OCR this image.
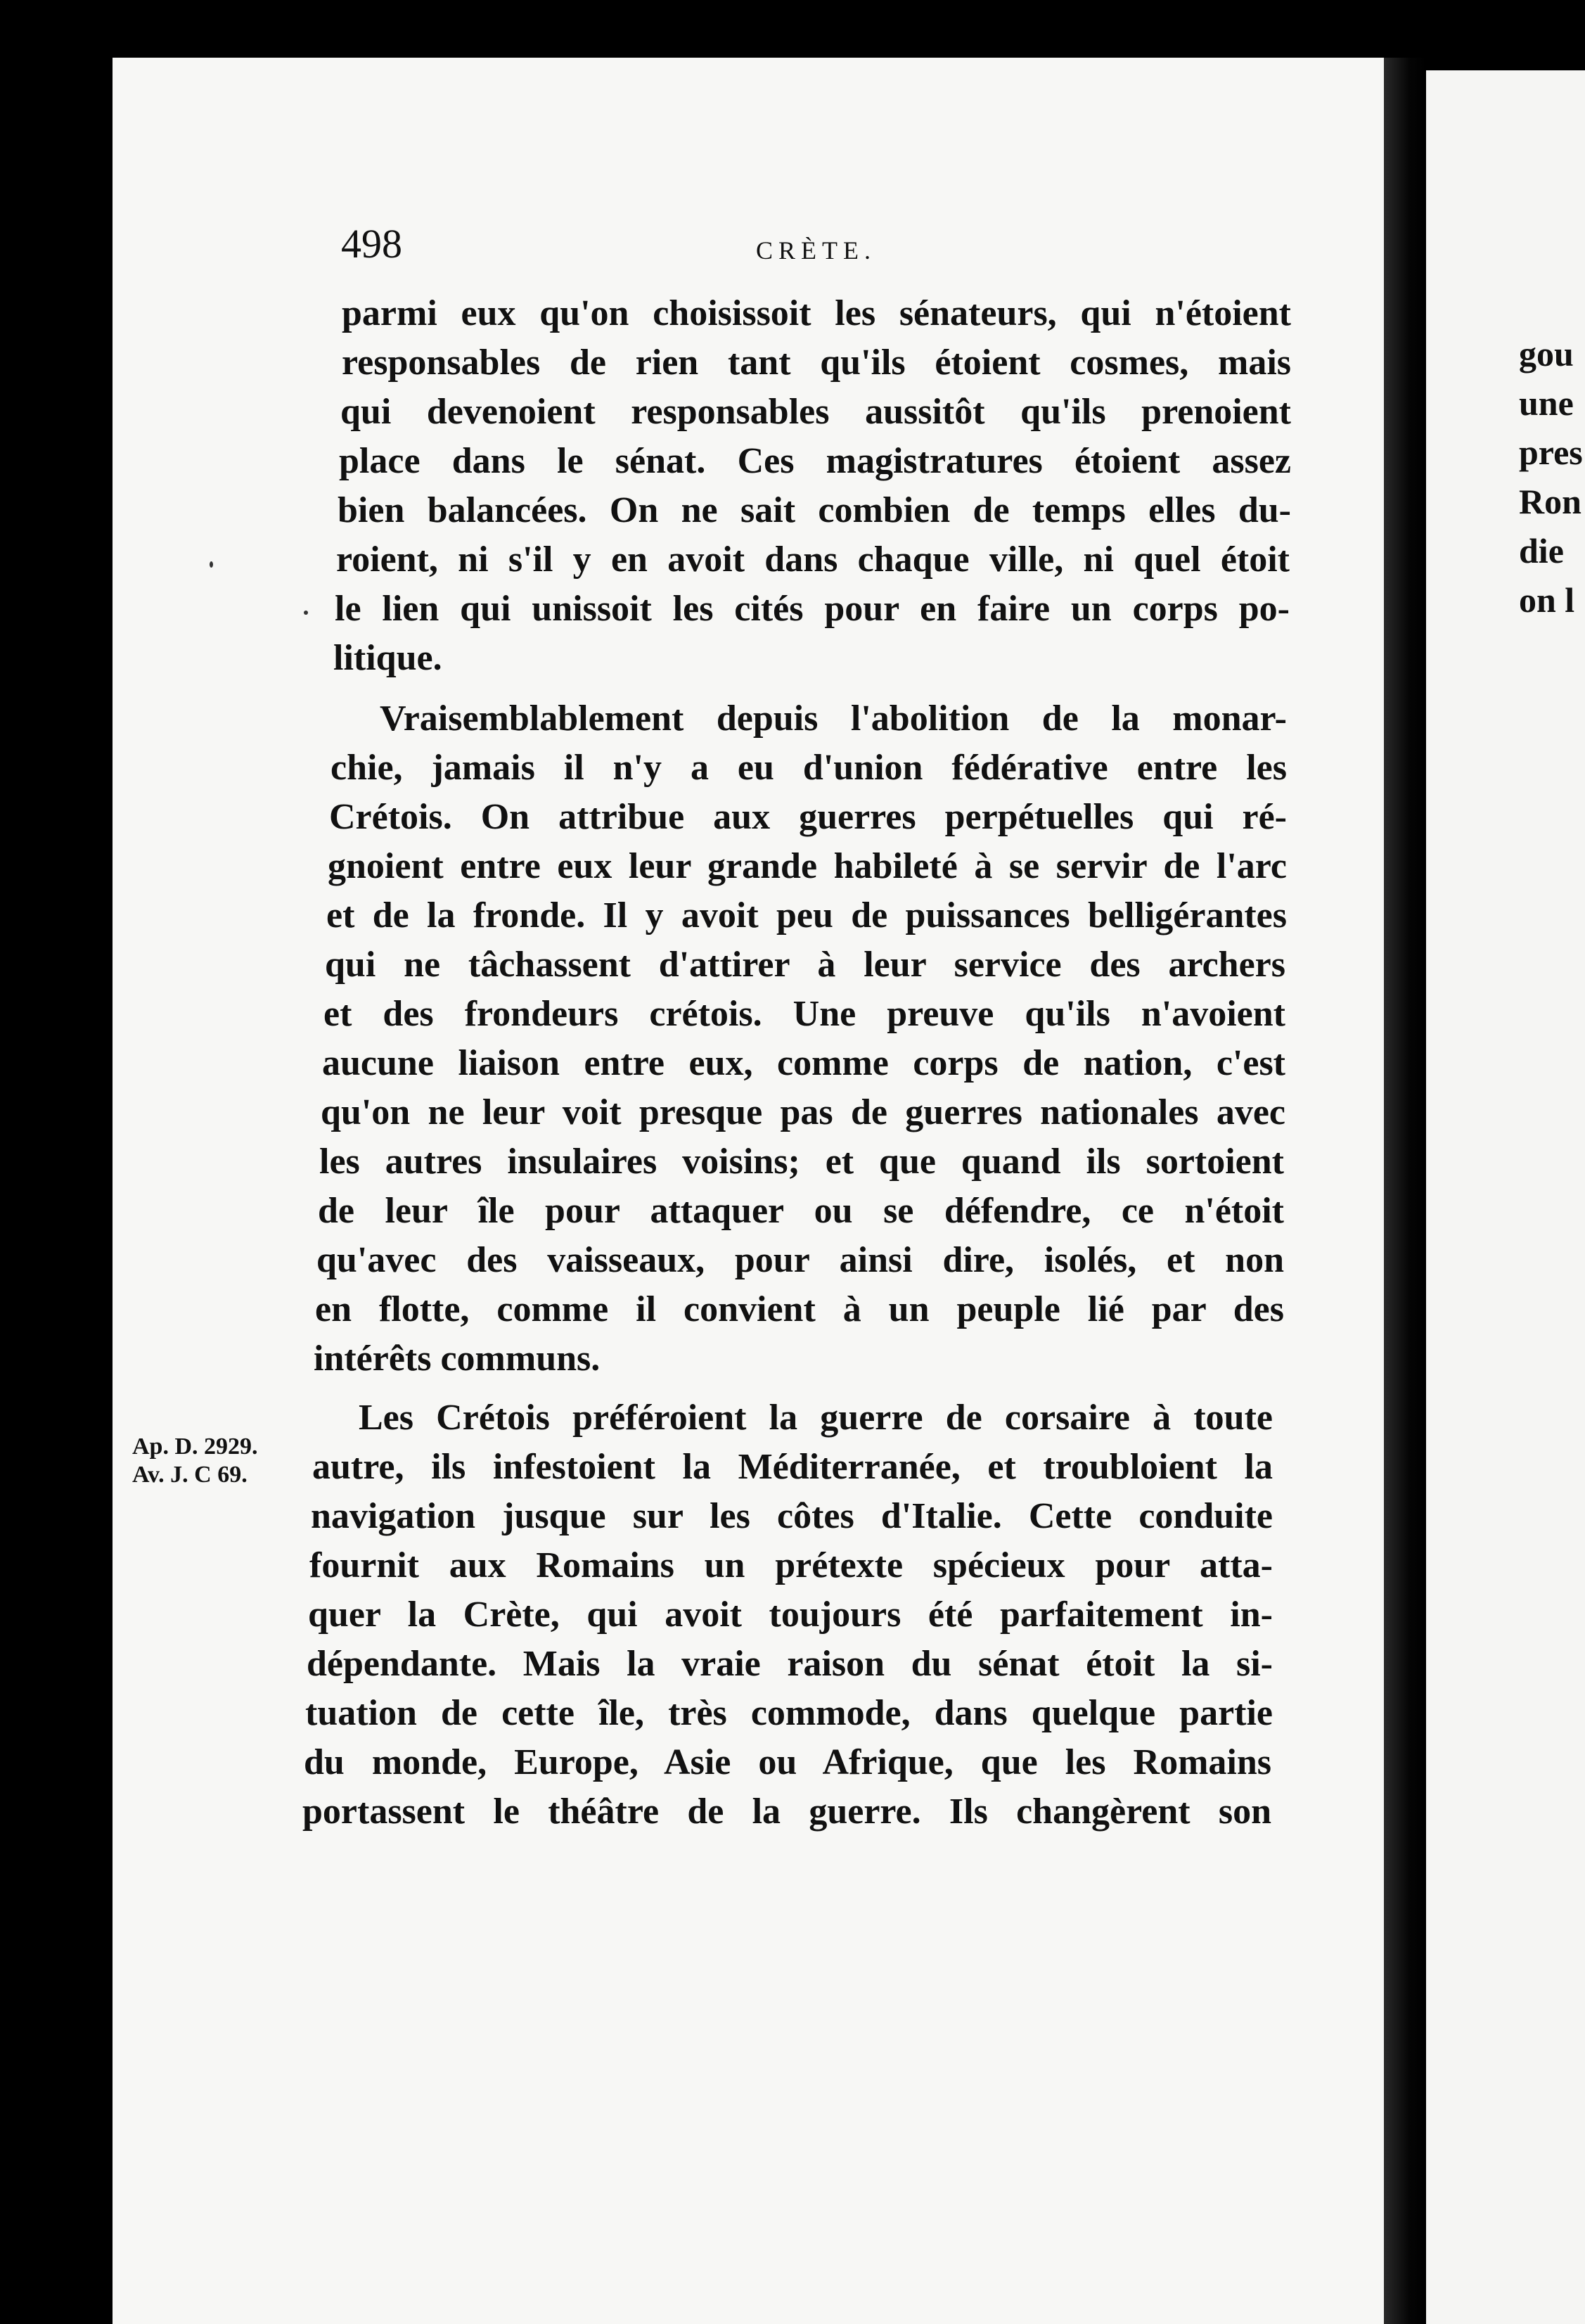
gou
une
pres
Ron
die
on l
498	CRÈTE.
Ap. D. 2929.
Av. J. C 69.
parmi eux qu'on choisissoit les sénateurs, qui n'étoient
responsables de rien tant qu'ils étoient cosmes, mais
qui devenoient responsables aussitôt qu'ils prenoient
place dans le sénat. Ces magistratures étoient assez
bien balancées. On ne sait combien de temps elles du-
roient, ni s'il y en avoit dans chaque ville, ni quel étoit
le lien qui unissoit les cités pour en faire un corps po-
litique.
Vraisemblablement depuis l'abolition de la monar-
chie, jamais il n'y a eu d'union fédérative entre les
Crétois. On attribue aux guerres perpétuelles qui ré-
gnoient entre eux leur grande habileté à se servir de l'arc
et de la fronde. Il y avoit peu de puissances belligérantes
qui ne tâchassent d'attirer à leur service des archers
et des frondeurs crétois. Une preuve qu'ils n'avoient
aucune liaison entre eux, comme corps de nation, c'est
qu'on ne leur voit presque pas de guerres nationales avec
les autres insulaires voisins; et que quand ils sortoient
de leur île pour attaquer ou se défendre, ce n'étoit
qu'avec des vaisseaux, pour ainsi dire, isolés, et non
en flotte, comme il convient à un peuple lié par des
intérêts communs.
Les Crétois préféroient la guerre de corsaire à toute
autre, ils infestoient la Méditerranée, et troubloient la
navigation jusque sur les côtes d'Italie. Cette conduite
fournit aux Romains un prétexte spécieux pour atta-
quer la Crète, qui avoit toujours été parfaitement in-
dépendante. Mais la vraie raison du sénat étoit la si-
tuation de cette île, très commode, dans quelque partie
du monde, Europe, Asie ou Afrique, que les Romains
portassent le théâtre de la guerre. Ils changèrent son
